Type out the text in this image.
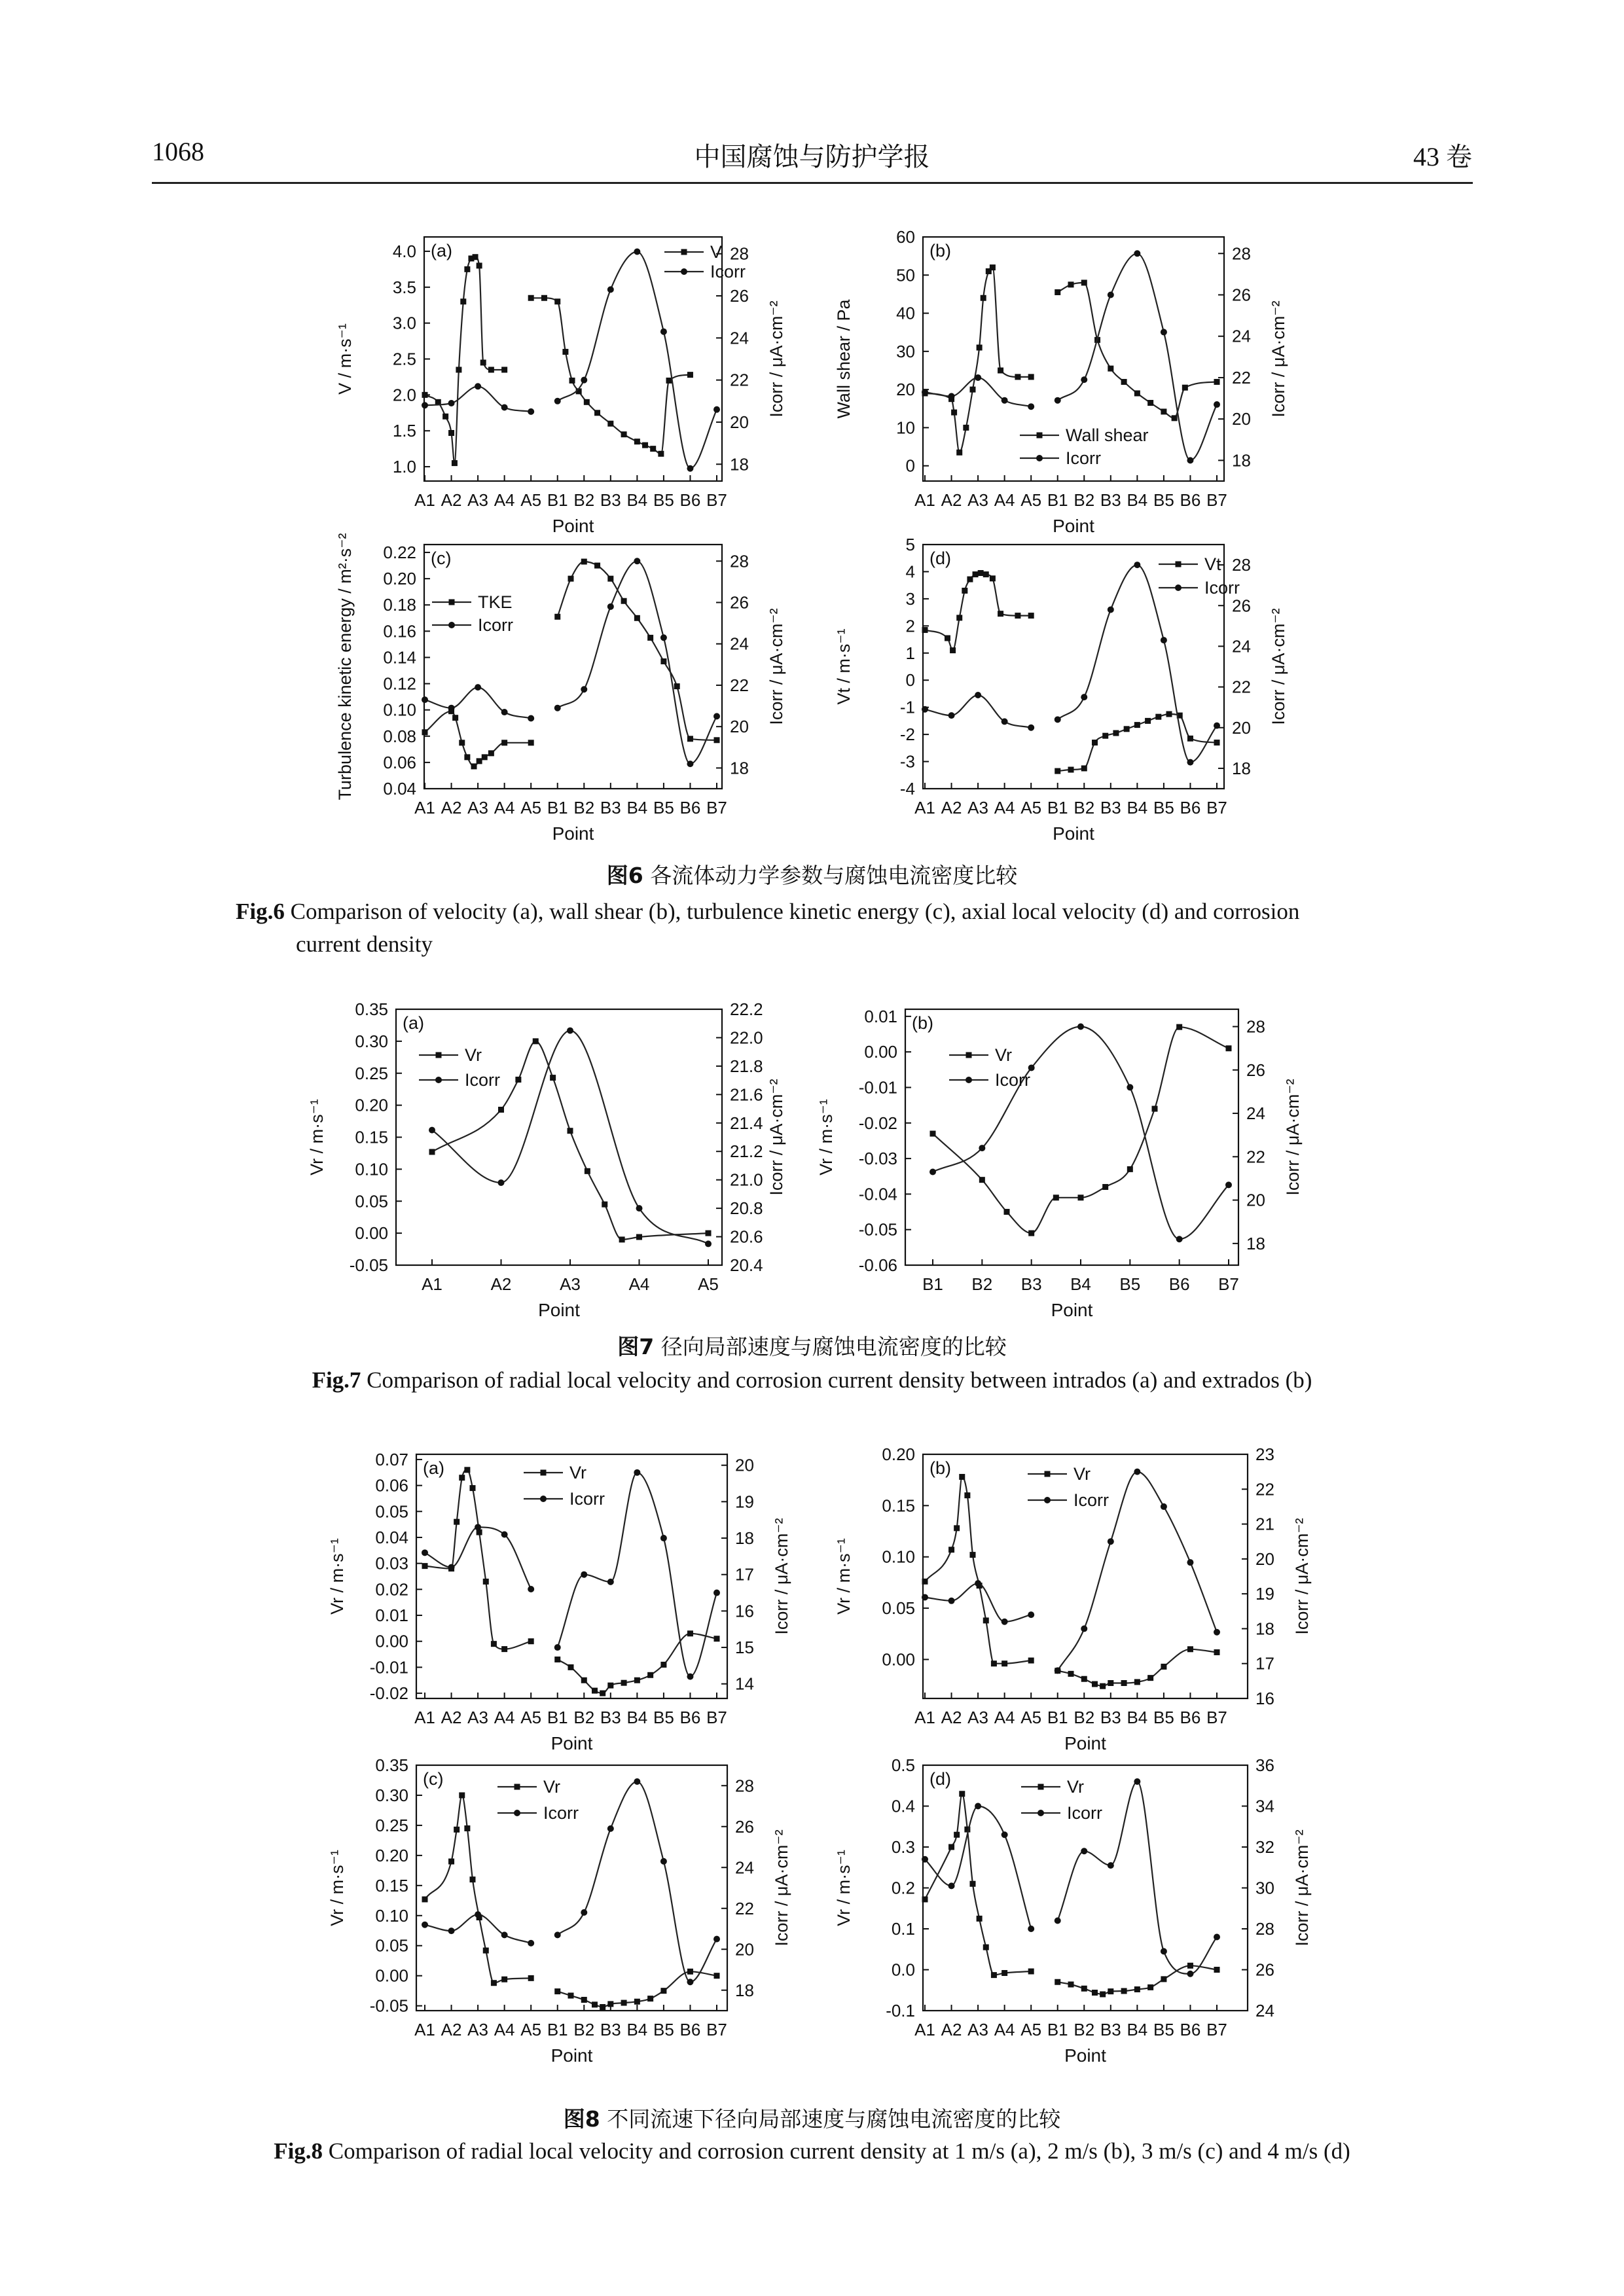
1068	中国腐蚀与防护学报	43 卷
1.0
1.5
2.0
2.5
3.0
3.5
4.0
18
20
22
24
26
28
A1 A2 A3 A4 A5 B1 B2 B3 B4 B5 B6 B7
Point
V / m·s⁻¹	Icorr / μA·cm⁻²
(a)	V
Icorr
0
10
20
30
40
50
60
18
20
22
24
26
28
A1 A2 A3 A4 A5 B1 B2 B3 B4 B5 B6 B7
Point
Wall shear / Pa	Icorr / μA·cm⁻²
(b)
Wall shear
Icorr
0.04
0.06
0.08
0.10
0.12
0.14
0.16
0.18
0.20
0.22
18
20
22
24
26
28
A1 A2 A3 A4 A5 B1 B2 B3 B4 B5 B6 B7
Point
Turbulence kinetic energy / m²·s⁻²	Icorr / μA·cm⁻²
(c)
TKE
Icorr
-4
-3
-2
-1
0
1
2
3
4
5
18
20
22
24
26
28
A1 A2 A3 A4 A5 B1 B2 B3 B4 B5 B6 B7
Point
Vt / m·s⁻¹	Icorr / μA·cm⁻²
(d)	Vt
Icorr
-0.05
0.00
0.05
0.10
0.15
0.20
0.25
0.30
0.35
20.4
20.6
20.8
21.0
21.2
21.4
21.6
21.8
22.0
22.2
A1	A2	A3	A4	A5
Point
Vr / m·s⁻¹	Icorr / μA·cm⁻²
(a)
Vr
Icorr
-0.06
-0.05
-0.04
-0.03
-0.02
-0.01
0.00
0.01
18
20
22
24
26
28
B1 B2 B3 B4 B5 B6 B7
Point
Vr / m·s⁻¹	Icorr / μA·cm⁻²
(b)
Vr
Icorr
-0.02
-0.01
0.00
0.01
0.02
0.03
0.04
0.05
0.06
0.07
14
15
16
17
18
19
20
A1 A2 A3 A4 A5 B1 B2 B3 B4 B5 B6 B7
Point
Vr / m·s⁻¹	Icorr / μA·cm⁻²
(a)	Vr
Icorr
0.00
0.05
0.10
0.15
0.20
16
17
18
19
20
21
22
23
A1 A2 A3 A4 A5 B1 B2 B3 B4 B5 B6 B7
Point
Vr / m·s⁻¹	Icorr / μA·cm⁻²
(b)	Vr
Icorr
-0.05
0.00
0.05
0.10
0.15
0.20
0.25
0.30
0.35
18
20
22
24
26
28
A1 A2 A3 A4 A5 B1 B2 B3 B4 B5 B6 B7
Point
Vr / m·s⁻¹	Icorr / μA·cm⁻²
(c)	Vr
Icorr
-0.1
0.0
0.1
0.2
0.3
0.4
0.5
24
26
28
30
32
34
36
A1 A2 A3 A4 A5 B1 B2 B3 B4 B5 B6 B7
Point
Vr / m·s⁻¹	Icorr / μA·cm⁻²
(d)	Vr
Icorr
图6 各流体动力学参数与腐蚀电流密度比较
Fig.6 Comparison of velocity (a), wall shear (b), turbulence kinetic energy (c), axial local velocity (d) and corrosion
current density
图7 径向局部速度与腐蚀电流密度的比较
Fig.7 Comparison of radial local velocity and corrosion current density between intrados (a) and extrados (b)
图8 不同流速下径向局部速度与腐蚀电流密度的比较
Fig.8 Comparison of radial local velocity and corrosion current density at 1 m/s (a), 2 m/s (b), 3 m/s (c) and 4 m/s (d)
